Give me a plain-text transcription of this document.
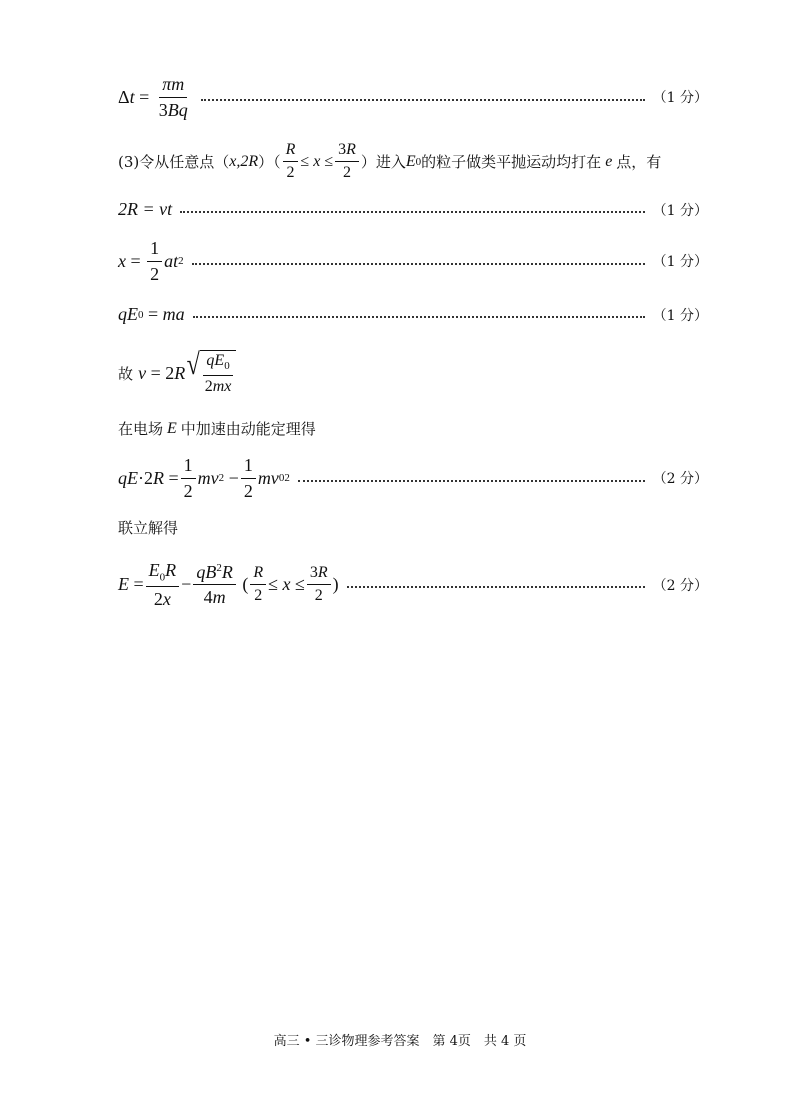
Δ t =
$\frac{\pi m}{3Bq}$	（1 分）
(3)令从任意点（ x,2R ）（ $\frac{R}{2} \le x \le \frac{3R}{2}$ ）进入 E 0 的粒子做类平抛运动均打在 e 点，有
2R = vt	（1 分）
x =
$\frac{1}{2}$ at 2	（1 分）
qE 0
= ma	（1 分）
故
v =
2 R √ $\frac{qE_0}{2mx}$
在电场 E 中加速由动能定理得
qE ·2 $R = \frac{1}{2}$ mv 2
− $\frac{1}{2}$ mv 0 2	（2 分）
联立解得
$E = \frac{E_0R}{2x} - \frac{qB^2R}{4m}$
( $\frac{R}{2} \le x \le \frac{3R}{2}$ )	（2 分）
高三 • 三诊物理参考答案　第 4页　共 4 页
